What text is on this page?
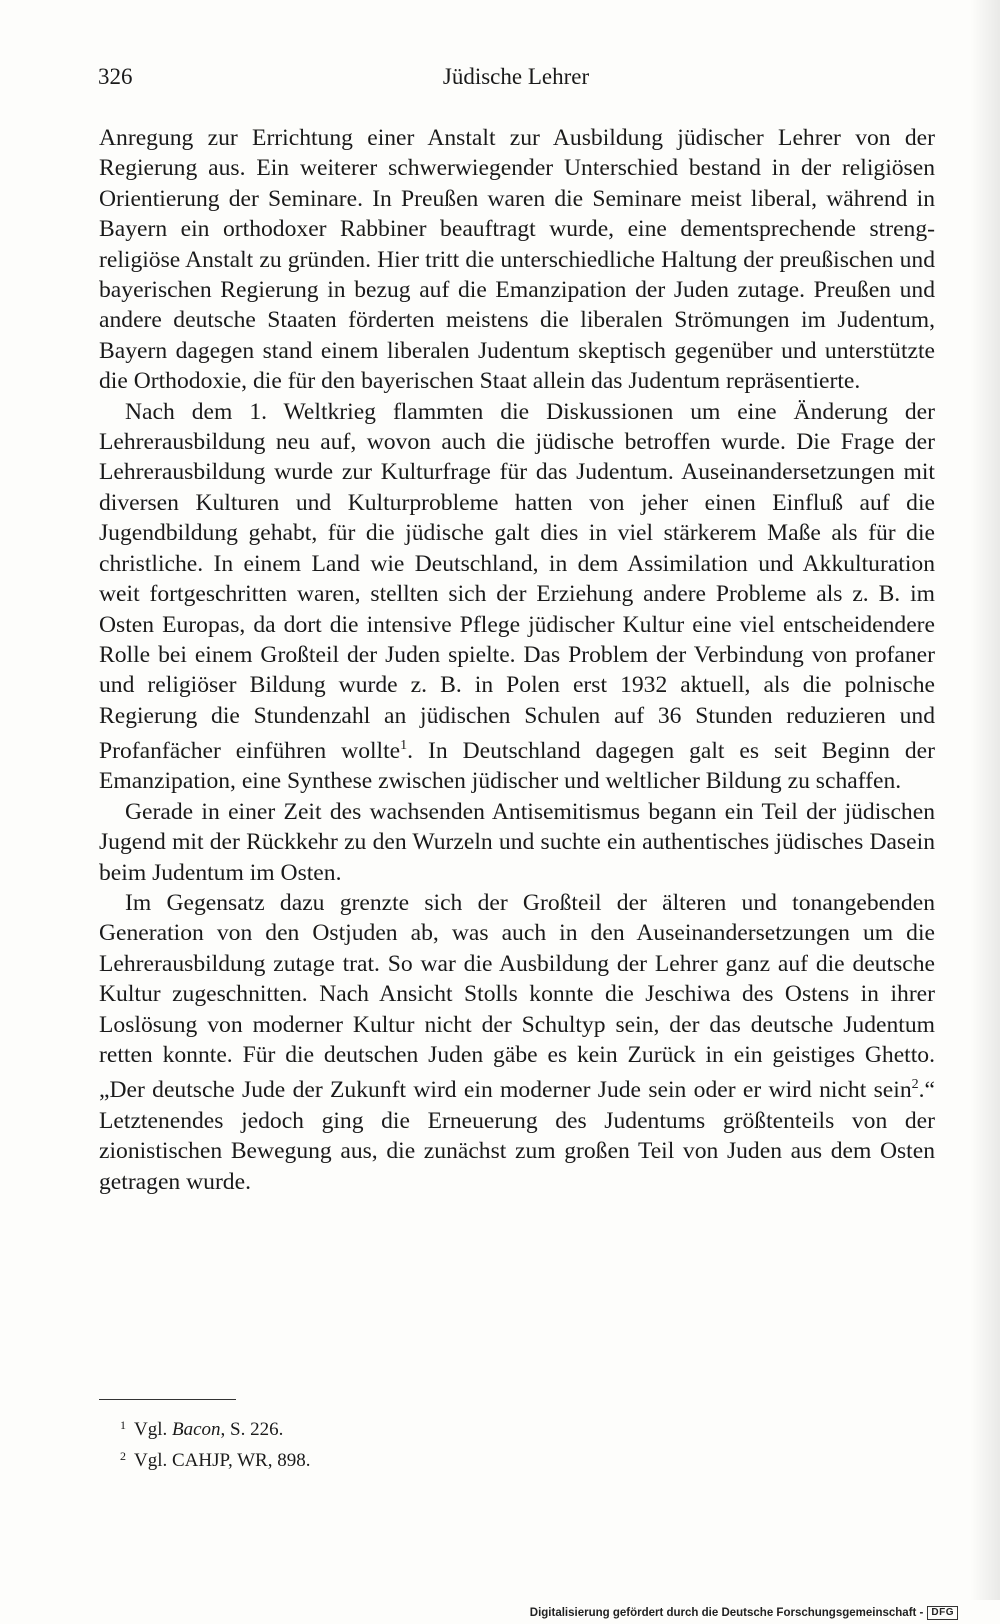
326	Jüdische Lehrer

Anregung zur Errichtung einer Anstalt zur Ausbildung jüdischer Lehrer von der Regierung aus. Ein weiterer schwerwiegender Unterschied bestand in der religiösen Orientierung der Seminare. In Preußen waren die Seminare meist liberal, während in Bayern ein orthodoxer Rabbiner beauftragt wurde, eine dementsprechende streng-religiöse Anstalt zu gründen. Hier tritt die unterschiedliche Haltung der preußischen und bayerischen Regierung in bezug auf die Emanzipation der Juden zutage. Preußen und andere deutsche Staaten förderten meistens die liberalen Strömungen im Judentum, Bayern dagegen stand einem liberalen Judentum skeptisch gegenüber und unterstützte die Orthodoxie, die für den bayerischen Staat allein das Judentum repräsentierte.

Nach dem 1. Weltkrieg flammten die Diskussionen um eine Änderung der Lehrerausbildung neu auf, wovon auch die jüdische betroffen wurde. Die Frage der Lehrerausbildung wurde zur Kulturfrage für das Judentum. Auseinandersetzungen mit diversen Kulturen und Kulturprobleme hatten von jeher einen Einfluß auf die Jugendbildung gehabt, für die jüdische galt dies in viel stärkerem Maße als für die christliche. In einem Land wie Deutschland, in dem Assimilation und Akkulturation weit fortgeschritten waren, stellten sich der Erziehung andere Probleme als z. B. im Osten Europas, da dort die intensive Pflege jüdischer Kultur eine viel entscheidendere Rolle bei einem Großteil der Juden spielte. Das Problem der Verbindung von profaner und religiöser Bildung wurde z. B. in Polen erst 1932 aktuell, als die polnische Regierung die Stundenzahl an jüdischen Schulen auf 36 Stunden reduzieren und Profanfächer einführen wollte$^1$. In Deutschland dagegen galt es seit Beginn der Emanzipation, eine Synthese zwischen jüdischer und weltlicher Bildung zu schaffen.

Gerade in einer Zeit des wachsenden Antisemitismus begann ein Teil der jüdischen Jugend mit der Rückkehr zu den Wurzeln und suchte ein authentisches jüdisches Dasein beim Judentum im Osten.

Im Gegensatz dazu grenzte sich der Großteil der älteren und tonangebenden Generation von den Ostjuden ab, was auch in den Auseinandersetzungen um die Lehrerausbildung zutage trat. So war die Ausbildung der Lehrer ganz auf die deutsche Kultur zugeschnitten. Nach Ansicht Stolls konnte die Jeschiwa des Ostens in ihrer Loslösung von moderner Kultur nicht der Schultyp sein, der das deutsche Judentum retten konnte. Für die deutschen Juden gäbe es kein Zurück in ein geistiges Ghetto. „Der deutsche Jude der Zukunft wird ein moderner Jude sein oder er wird nicht sein$^2$.“ Letztenendes jedoch ging die Erneuerung des Judentums größtenteils von der zionistischen Bewegung aus, die zunächst zum großen Teil von Juden aus dem Osten getragen wurde.

$^1$ Vgl. Bacon, S. 226.

$^2$ Vgl. CAHJP, WR, 898.

Digitalisierung gefördert durch die Deutsche Forschungsgemeinschaft - DFG
